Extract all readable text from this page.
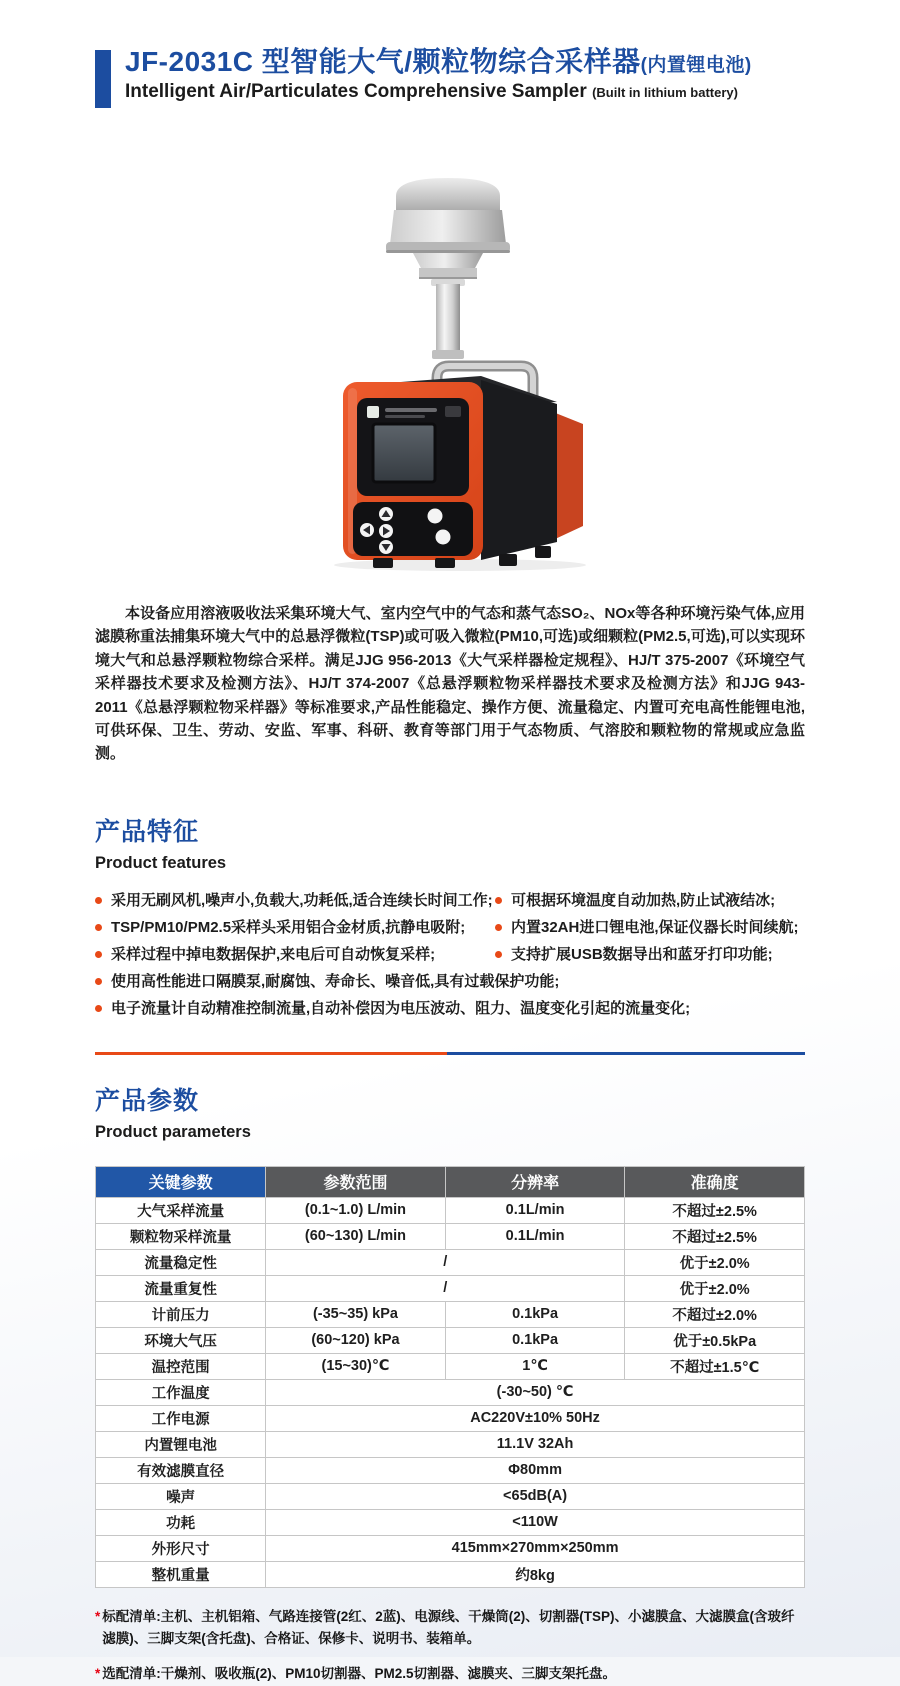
JF-2031C 型智能大气/颗粒物综合采样器(内置锂电池)
Intelligent Air/Particulates Comprehensive Sampler (Built in lithium battery)

本设备应用溶液吸收法采集环境大气、室内空气中的气态和蒸气态SO₂、NOx等各种环境污染气体,应用滤膜称重法捕集环境大气中的总悬浮微粒(TSP)或可吸入微粒(PM10,可选)或细颗粒(PM2.5,可选),可以实现环境大气和总悬浮颗粒物综合采样。满足JJG 956-2013《大气采样器检定规程》、HJ/T 375-2007《环境空气采样器技术要求及检测方法》、HJ/T 374-2007《总悬浮颗粒物采样器技术要求及检测方法》和JJG 943-2011《总悬浮颗粒物采样器》等标准要求,产品性能稳定、操作方便、流量稳定、内置可充电高性能锂电池,可供环保、卫生、劳动、安监、军事、科研、教育等部门用于气态物质、气溶胶和颗粒物的常规或应急监测。

产品特征
Product features
采用无刷风机,噪声小,负载大,功耗低,适合连续长时间工作; 可根据环境温度自动加热,防止试液结冰;
TSP/PM10/PM2.5采样头采用铝合金材质,抗静电吸附;	内置32AH进口锂电池,保证仪器长时间续航;
采样过程中掉电数据保护,来电后可自动恢复采样;	支持扩展USB数据导出和蓝牙打印功能;
使用高性能进口隔膜泵,耐腐蚀、寿命长、噪音低,具有过载保护功能;
电子流量计自动精准控制流量,自动补偿因为电压波动、阻力、温度变化引起的流量变化;
产品参数
Product parameters
关键参数	参数范围	分辨率	准确度
大气采样流量	(0.1~1.0) L/min	0.1L/min	不超过±2.5%
颗粒物采样流量	(60~130) L/min	0.1L/min	不超过±2.5%
流量稳定性	/		优于±2.0%
流量重复性	/		优于±2.0%
计前压力	(-35~35) kPa	0.1kPa	不超过±2.0%
环境大气压	(60~120) kPa	0.1kPa	优于±0.5kPa
温控范围	(15~30)℃	1℃	不超过±1.5℃
工作温度	(-30~50) ℃		
工作电源	AC220V±10% 50Hz		
内置锂电池	11.1V 32Ah		
有效滤膜直径	Φ80mm		
噪声	<65dB(A)		
功耗	<110W		
外形尺寸	415mm×270mm×250mm		
整机重量	约8kg		
* 标配清单:主机、主机铝箱、气路连接管(2红、2蓝)、电源线、干燥筒(2)、切割器(TSP)、小滤膜盒、大滤膜盒(含玻纤滤膜)、三脚支架(含托盘)、合格证、保修卡、说明书、装箱单。
* 选配清单:干燥剂、吸收瓶(2)、PM10切割器、PM2.5切割器、滤膜夹、三脚支架托盘。
